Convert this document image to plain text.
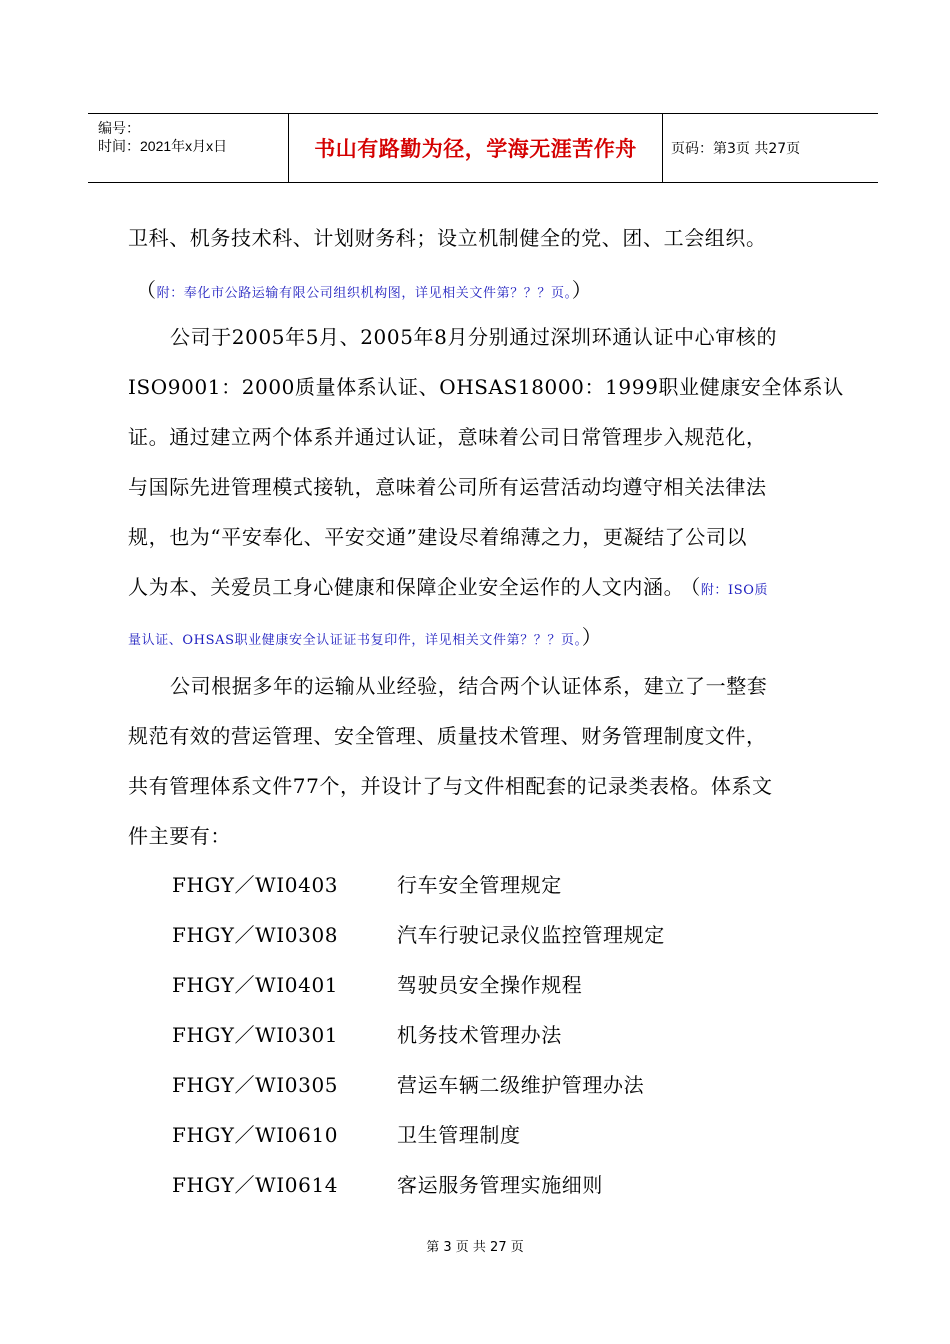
编号：
时间：2021年x月x日	书山有路勤为径，学海无涯苦作舟	页码：第3页 共27页
卫科、机务技术科、计划财务科；设立机制健全的党、团、工会组织。
（附：奉化市公路运输有限公司组织机构图，详见相关文件第？？？页。）
公司于2005年5月、2005年8月分别通过深圳环通认证中心审核的
ISO9001：2000质量体系认证、OHSAS18000：1999职业健康安全体系认
证。通过建立两个体系并通过认证，意味着公司日常管理步入规范化，
与国际先进管理模式接轨，意味着公司所有运营活动均遵守相关法律法
规，也为“平安奉化、平安交通”建设尽着绵薄之力，更凝结了公司以
人为本、关爱员工身心健康和保障企业安全运作的人文内涵。 （附：ISO质
量认证、OHSAS职业健康安全认证证书复印件，详见相关文件第？？？页。）
公司根据多年的运输从业经验，结合两个认证体系，建立了一整套
规范有效的营运管理、安全管理、质量技术管理、财务管理制度文件，
共有管理体系文件77个，并设计了与文件相配套的记录类表格。体系文
件主要有：
FHGY／WI0403	行车安全管理规定
FHGY／WI0308	汽车行驶记录仪监控管理规定
FHGY／WI0401	驾驶员安全操作规程
FHGY／WI0301	机务技术管理办法
FHGY／WI0305	营运车辆二级维护管理办法
FHGY／WI0610	卫生管理制度
FHGY／WI0614	客运服务管理实施细则
第 3 页 共 27 页
